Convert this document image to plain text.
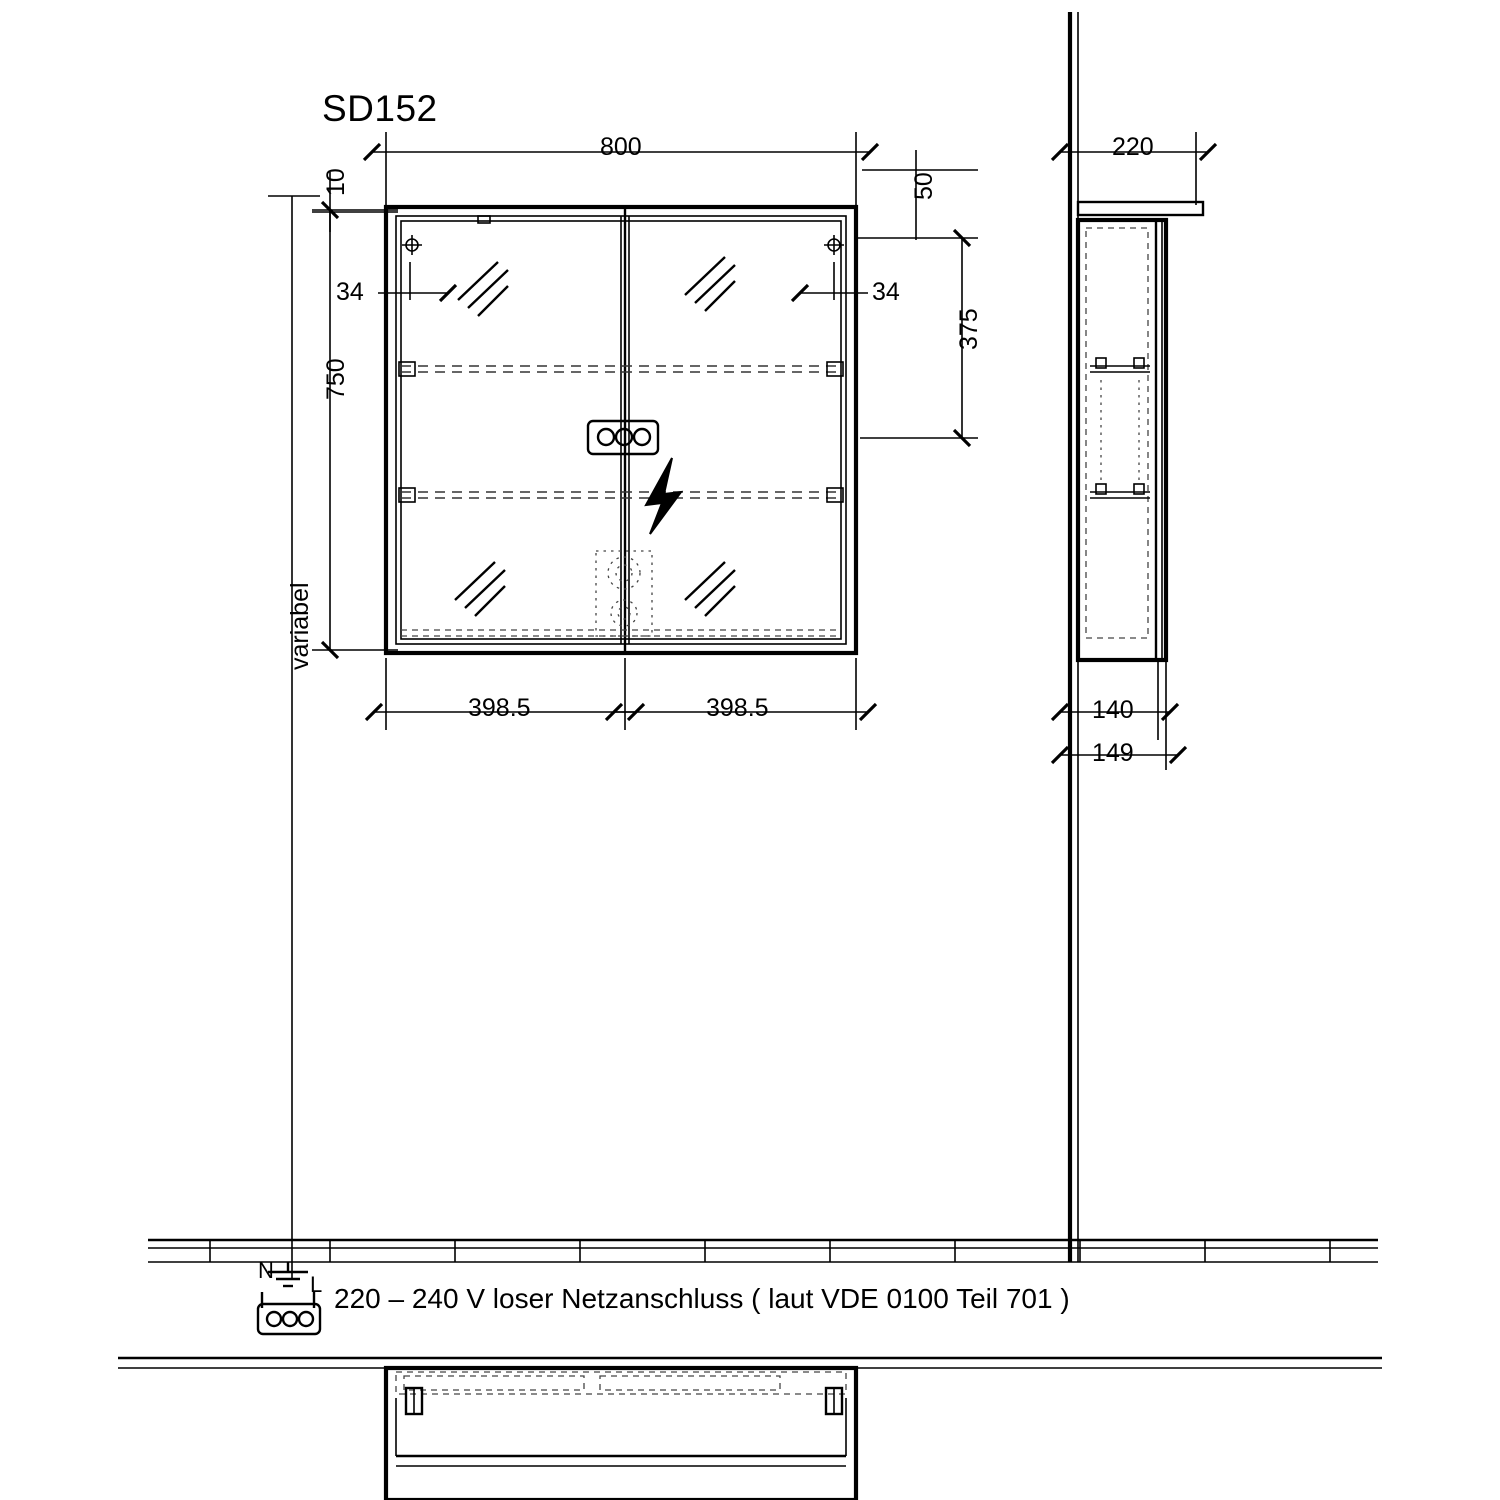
SD152
800
10	50
375
34	34
750
variabel
398.5	398.5
220
140
149
N
L 220 – 240 V loser Netzanschluss ( laut VDE 0100 Teil 701 )
